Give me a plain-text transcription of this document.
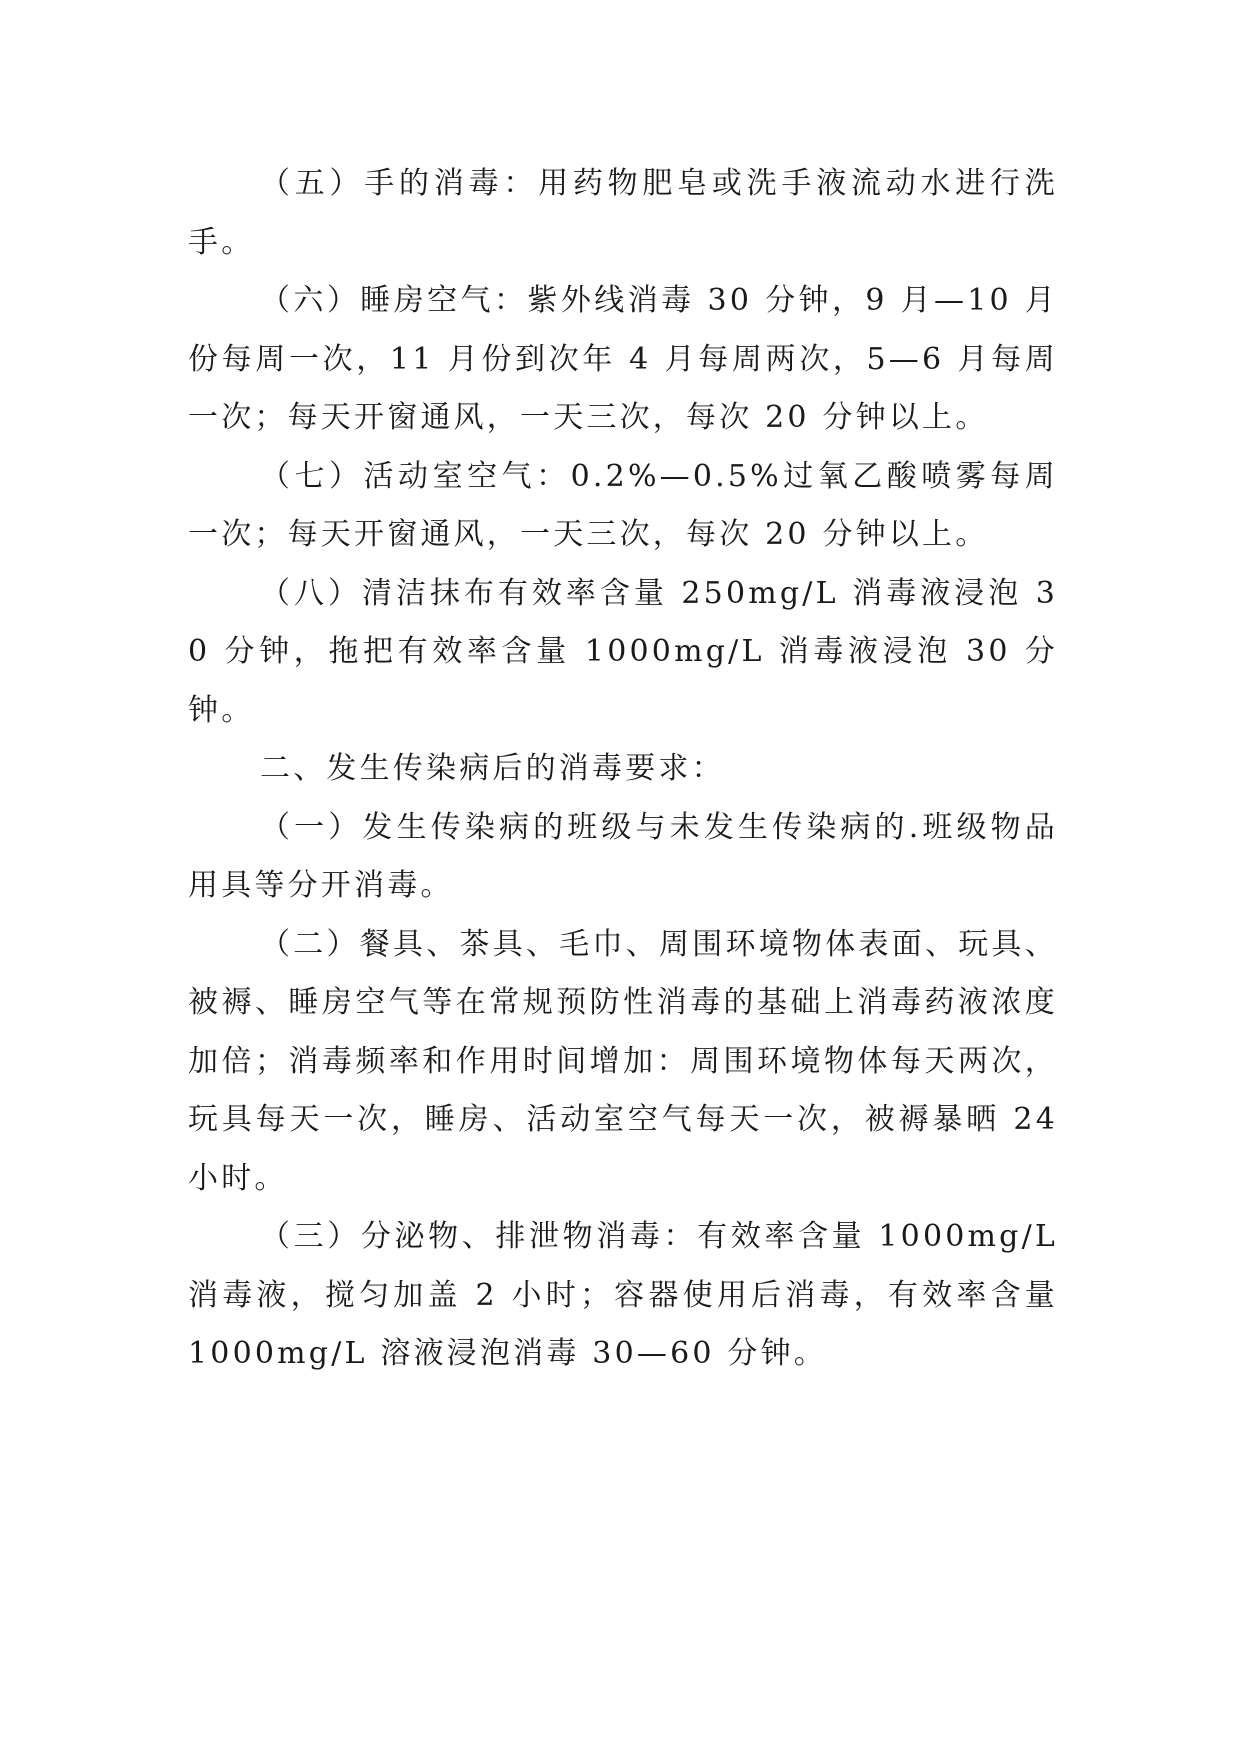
（五）手的消毒：用药物肥皂或洗手液流动水进行洗手。

（六）睡房空气：紫外线消毒 30 分钟，9 月—10 月份每周一次，11 月份到次年 4 月每周两次，5—6 月每周一次；每天开窗通风，一天三次，每次 20 分钟以上。

（七）活动室空气：0.2%—0.5%过氧乙酸喷雾每周一次；每天开窗通风，一天三次，每次 20 分钟以上。

（八）清洁抹布有效率含量 250mg/L 消毒液浸泡 30 分钟，拖把有效率含量 1000mg/L 消毒液浸泡 30 分钟。

二、发生传染病后的消毒要求：

（一）发生传染病的班级与未发生传染病的.班级物品用具等分开消毒。

（二）餐具、茶具、毛巾、周围环境物体表面、玩具、被褥、睡房空气等在常规预防性消毒的基础上消毒药液浓度加倍；消毒频率和作用时间增加：周围环境物体每天两次，玩具每天一次，睡房、活动室空气每天一次，被褥暴晒 24 小时。

（三）分泌物、排泄物消毒：有效率含量 1000mg/L 消毒液，搅匀加盖 2 小时；容器使用后消毒，有效率含量 1000mg/L 溶液浸泡消毒 30—60 分钟。
